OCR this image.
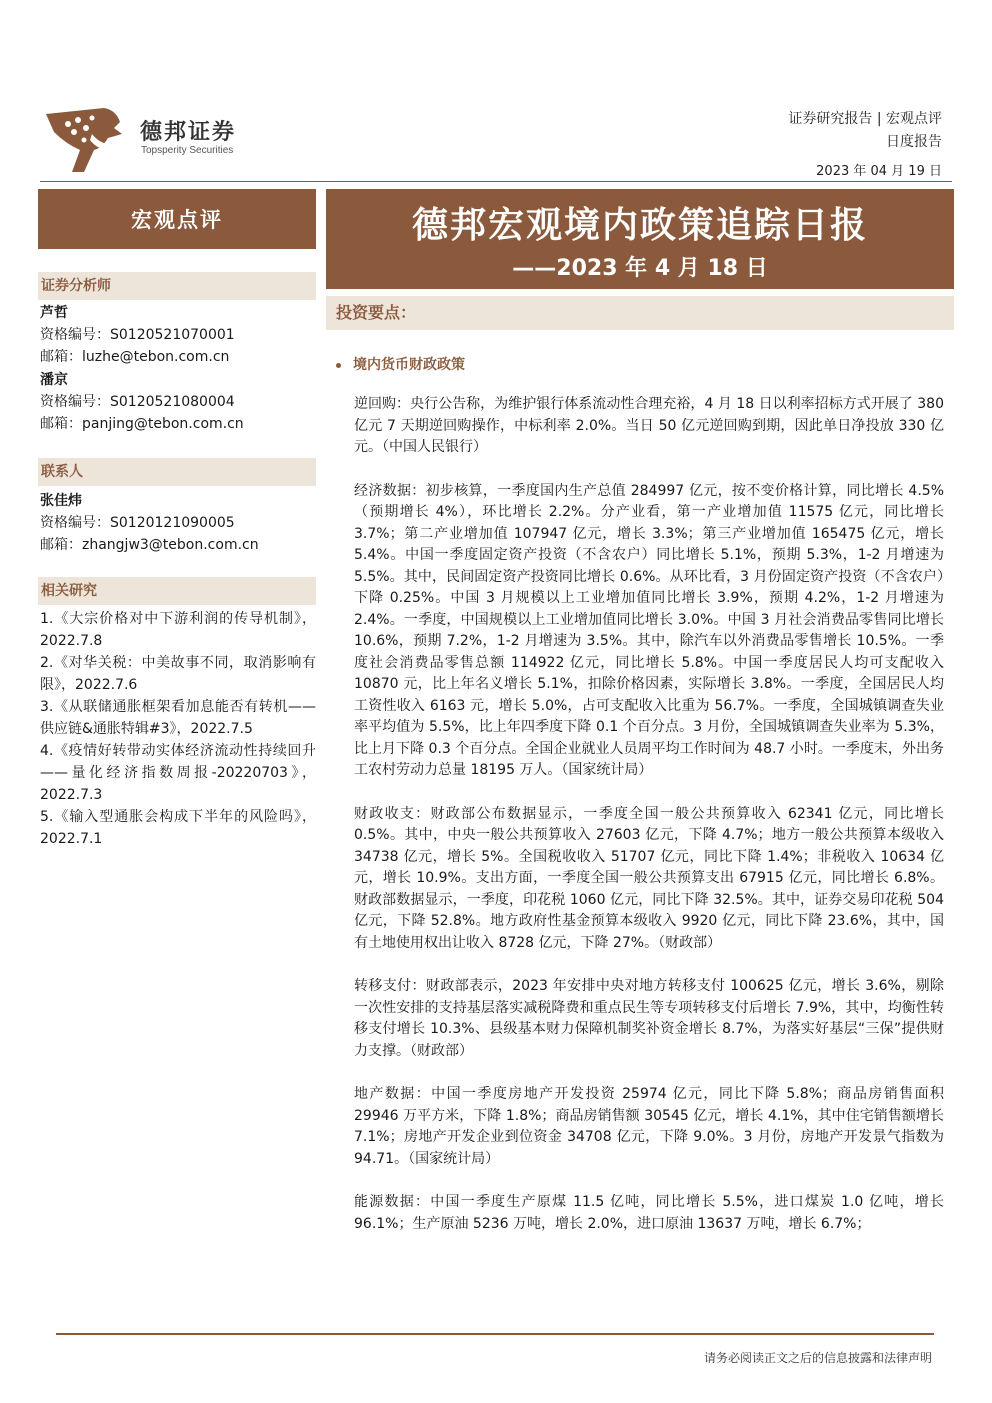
德邦证券
Topsperity Securities
证券研究报告 | 宏观点评
日度报告
2023 年 04 月 19 日
宏观点评
证券分析师
芦哲
资格编号：S0120521070001
邮箱：luzhe@tebon.com.cn
潘京
资格编号：S0120521080004
邮箱：panjing@tebon.com.cn
联系人
张佳炜
资格编号：S0120121090005
邮箱：zhangjw3@tebon.com.cn
相关研究
1.《大宗价格对中下游利润的传导机制》，2022.7.8
2.《对华关税：中美故事不同，取消影响有限》，2022.7.6
3.《从联储通胀框架看加息能否有转机——供应链&通胀特辑#3》，2022.7.5
4.《疫情好转带动实体经济流动性持续回升——量化经济指数周报-20220703》，2022.7.3
5.《输入型通胀会构成下半年的风险吗》，2022.7.1
德邦宏观境内政策追踪日报
——2023 年 4 月 18 日
投资要点：
境内货币财政政策

逆回购：央行公告称，为维护银行体系流动性合理充裕，4 月 18 日以利率招标方式开展了 380 亿元 7 天期逆回购操作，中标利率 2.0%。当日 50 亿元逆回购到期，因此单日净投放 330 亿元。（中国人民银行）

经济数据：初步核算，一季度国内生产总值 284997 亿元，按不变价格计算，同比增长 4.5%（预期增长 4%），环比增长 2.2%。分产业看，第一产业增加值 11575 亿元，同比增长 3.7%；第二产业增加值 107947 亿元，增长 3.3%；第三产业增加值 165475 亿元，增长 5.4%。中国一季度固定资产投资（不含农户）同比增长 5.1%，预期 5.3%，1-2 月增速为 5.5%。其中，民间固定资产投资同比增长 0.6%。从环比看，3 月份固定资产投资（不含农户）下降 0.25%。中国 3 月规模以上工业增加值同比增长 3.9%，预期 4.2%，1-2 月增速为 2.4%。一季度，中国规模以上工业增加值同比增长 3.0%。中国 3 月社会消费品零售同比增长 10.6%，预期 7.2%，1-2 月增速为 3.5%。其中，除汽车以外消费品零售增长 10.5%。一季度社会消费品零售总额 114922 亿元，同比增长 5.8%。中国一季度居民人均可支配收入 10870 元，比上年名义增长 5.1%，扣除价格因素，实际增长 3.8%。一季度，全国居民人均工资性收入 6163 元，增长 5.0%，占可支配收入比重为 56.7%。一季度，全国城镇调查失业率平均值为 5.5%，比上年四季度下降 0.1 个百分点。3 月份，全国城镇调查失业率为 5.3%，比上月下降 0.3 个百分点。全国企业就业人员周平均工作时间为 48.7 小时。一季度末，外出务工农村劳动力总量 18195 万人。（国家统计局）

财政收支：财政部公布数据显示，一季度全国一般公共预算收入 62341 亿元，同比增长 0.5%。其中，中央一般公共预算收入 27603 亿元，下降 4.7%；地方一般公共预算本级收入 34738 亿元，增长 5%。全国税收收入 51707 亿元，同比下降 1.4%；非税收入 10634 亿元，增长 10.9%。支出方面，一季度全国一般公共预算支出 67915 亿元，同比增长 6.8%。财政部数据显示，一季度，印花税 1060 亿元，同比下降 32.5%。其中，证券交易印花税 504 亿元，下降 52.8%。地方政府性基金预算本级收入 9920 亿元，同比下降 23.6%，其中，国有土地使用权出让收入 8728 亿元，下降 27%。（财政部）

转移支付：财政部表示，2023 年安排中央对地方转移支付 100625 亿元，增长 3.6%，剔除一次性安排的支持基层落实减税降费和重点民生等专项转移支付后增长 7.9%，其中，均衡性转移支付增长 10.3%、县级基本财力保障机制奖补资金增长 8.7%，为落实好基层“三保”提供财力支撑。（财政部）

地产数据：中国一季度房地产开发投资 25974 亿元，同比下降 5.8%；商品房销售面积 29946 万平方米，下降 1.8%；商品房销售额 30545 亿元，增长 4.1%，其中住宅销售额增长 7.1%；房地产开发企业到位资金 34708 亿元，下降 9.0%。3 月份，房地产开发景气指数为 94.71。（国家统计局）

能源数据：中国一季度生产原煤 11.5 亿吨，同比增长 5.5%，进口煤炭 1.0 亿吨，增长 96.1%；生产原油 5236 万吨，增长 2.0%，进口原油 13637 万吨，增长 6.7%；

请务必阅读正文之后的信息披露和法律声明
